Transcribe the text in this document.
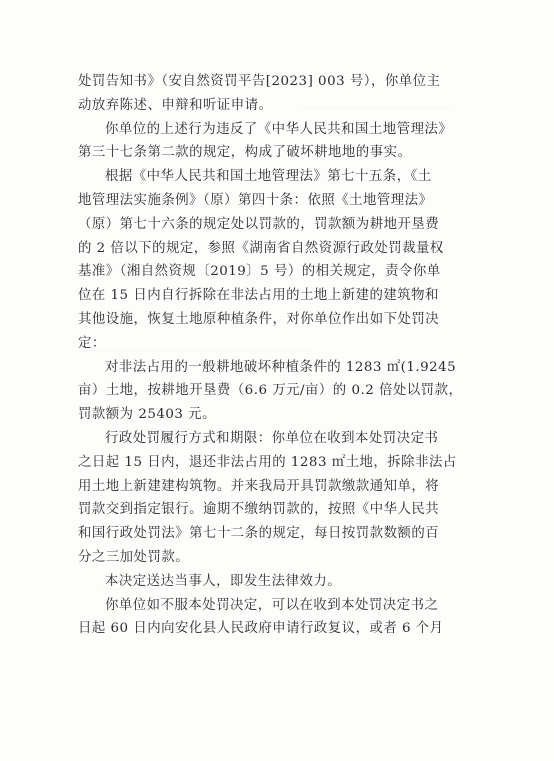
处罚告知书》（安自然资罚平告[2023] 003 号），你单位主
动放弃陈述、申辩和听证申请。
你单位的上述行为违反了《中华人民共和国土地管理法》
第三十七条第二款的规定，构成了破坏耕地地的事实。
根据《中华人民共和国土地管理法》第七十五条，《土
地管理法实施条例》（原）第四十条：依照《土地管理法》
（原）第七十六条的规定处以罚款的，罚款额为耕地开垦费
的 2 倍以下的规定，参照《湖南省自然资源行政处罚裁量权
基准》（湘自然资规〔2019〕5 号）的相关规定，责令你单
位在 15 日内自行拆除在非法占用的土地上新建的建筑物和
其他设施，恢复土地原种植条件，对你单位作出如下处罚决
定：
对非法占用的一般耕地破坏种植条件的 1283 ㎡(1.9245
亩）土地，按耕地开垦费（6.6 万元/亩）的 0.2 倍处以罚款，
罚款额为 25403 元。
行政处罚履行方式和期限：你单位在收到本处罚决定书
之日起 15 日内，退还非法占用的 1283 ㎡土地，拆除非法占
用土地上新建建构筑物。并来我局开具罚款缴款通知单，将
罚款交到指定银行。逾期不缴纳罚款的，按照《中华人民共
和国行政处罚法》第七十二条的规定，每日按罚款数额的百
分之三加处罚款。
本决定送达当事人，即发生法律效力。
你单位如不服本处罚决定，可以在收到本处罚决定书之
日起 60 日内向安化县人民政府申请行政复议，或者 6 个月
